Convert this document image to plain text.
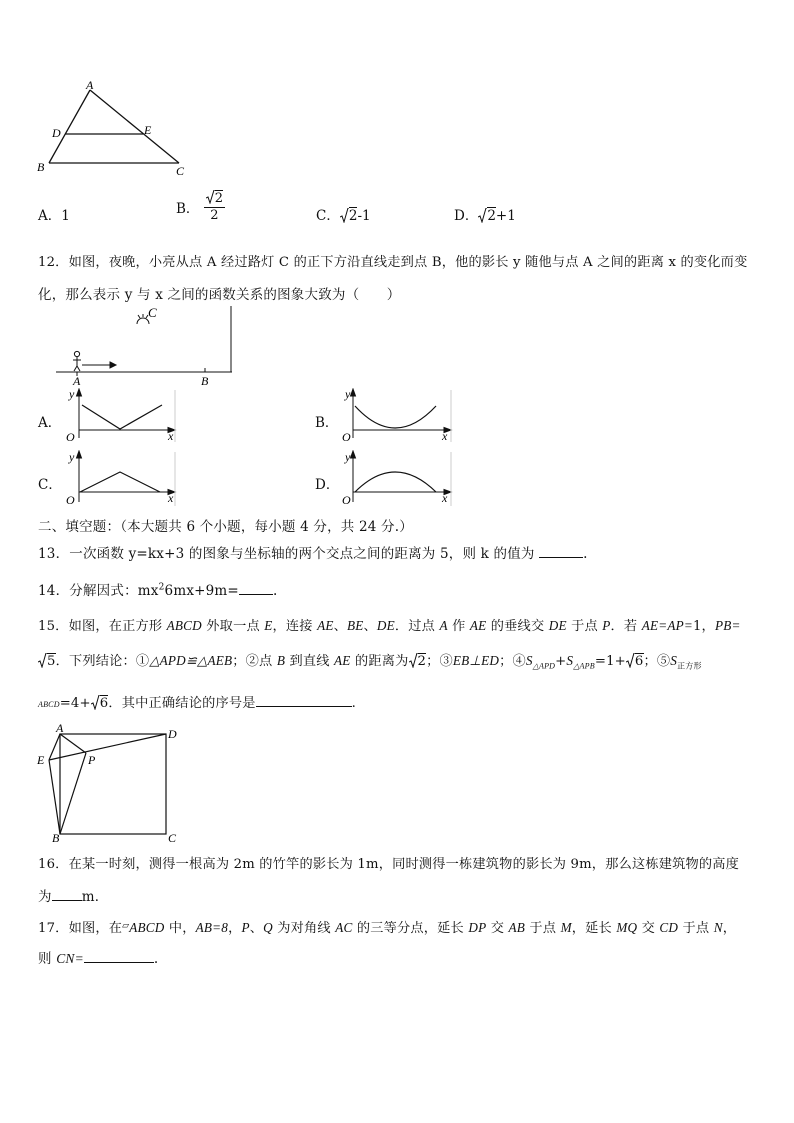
A
D	E
B	C
A．1	B． $\frac{2}{2}$	C． 2-1	D． 2+1
12．如图，夜晚，小亮从点 A 经过路灯 C 的正下方沿直线走到点 B，他的影长 y 随他与点 A 之间的距离 x 的变化而变
化，那么表示 y 与 x 之间的函数关系的图象大致为（　　）
C
A	B
A．	B．
C．	D．
y
O	x
y
O	x
y
O	x
y
O	x
二、填空题：（本大题共 6 个小题，每小题 4 分，共 24 分.）
13．一次函数 y=kx+3 的图象与坐标轴的两个交点之间的距离为 5，则 k 的值为	.
14．分解因式：$mx^26mx+9m=$	.
15．如图，在正方形 ABCD 外取一点 E，连接 AE、BE、DE．过点 A 作 AE 的垂线交 DE 于点 P．若 AE=AP=1，PB=
5．下列结论：①△APD≌△AEB；②点 B 到直线 AE 的距离为 2；③EB⊥ED；$④S_{\triangle APD}+S_{\triangle APB}=1+ 6$；$⑤S_{正方形}$
ABCD=4+ 6．其中正确结论的序号是	.
A	D
E	P
B	C
16．在某一时刻，测得一根高为 2m 的竹竿的影长为 1m，同时测得一栋建筑物的影长为 9m，那么这栋建筑物的高度
为 m．
17．如图，在▱ABCD 中，AB=8，P、Q 为对角线 AC 的三等分点，延长 DP 交 AB 于点 M，延长 MQ 交 CD 于点 N，
则 CN=	.
